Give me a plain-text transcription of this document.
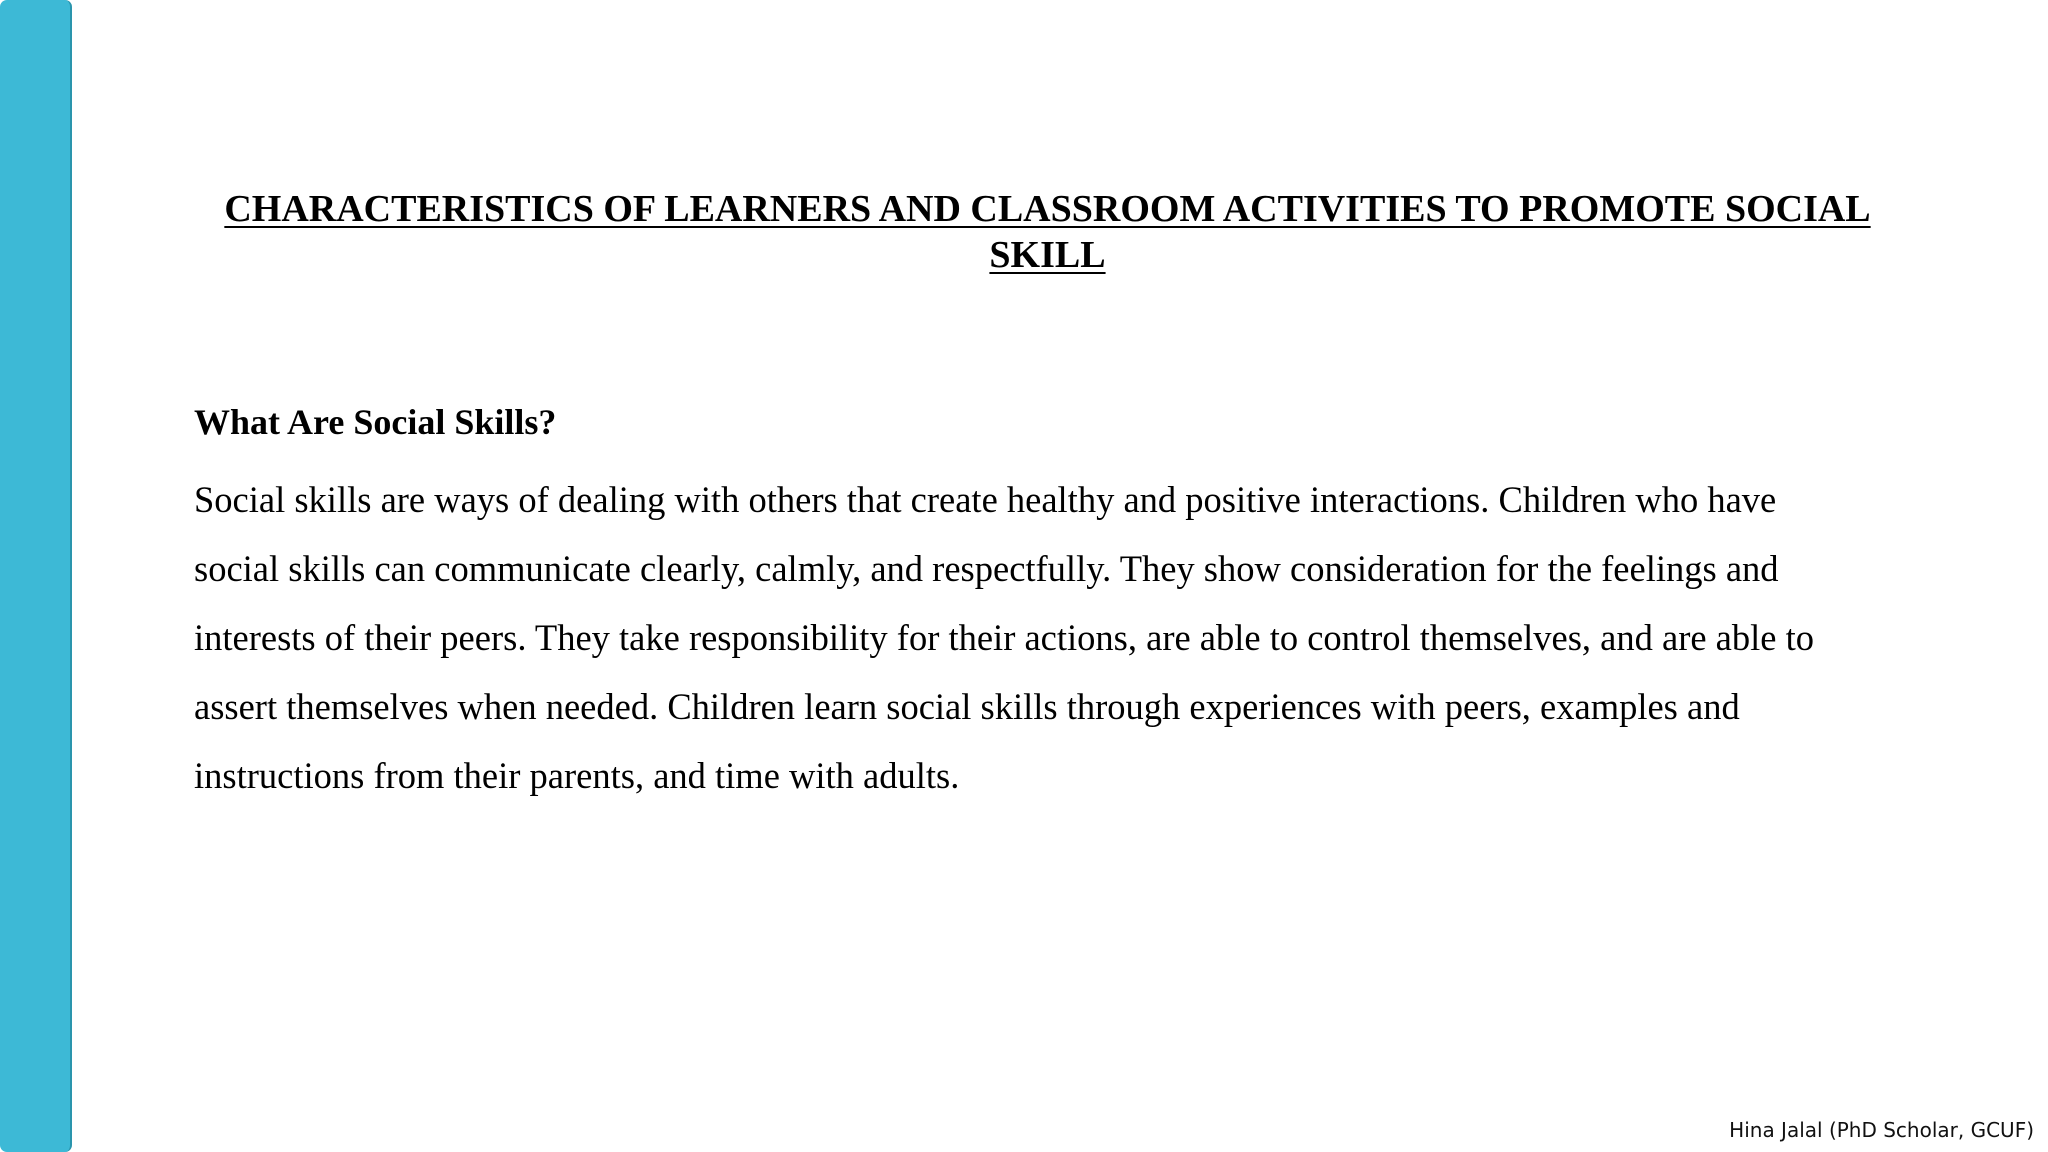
CHARACTERISTICS OF LEARNERS AND CLASSROOM ACTIVITIES TO PROMOTE SOCIAL SKILL
What Are Social Skills?
Social skills are ways of dealing with others that create healthy and positive interactions. Children who have
social skills can communicate clearly, calmly, and respectfully. They show consideration for the feelings and
interests of their peers. They take responsibility for their actions, are able to control themselves, and are able to
assert themselves when needed. Children learn social skills through experiences with peers, examples and
instructions from their parents, and time with adults.
Hina Jalal (PhD Scholar, GCUF)
